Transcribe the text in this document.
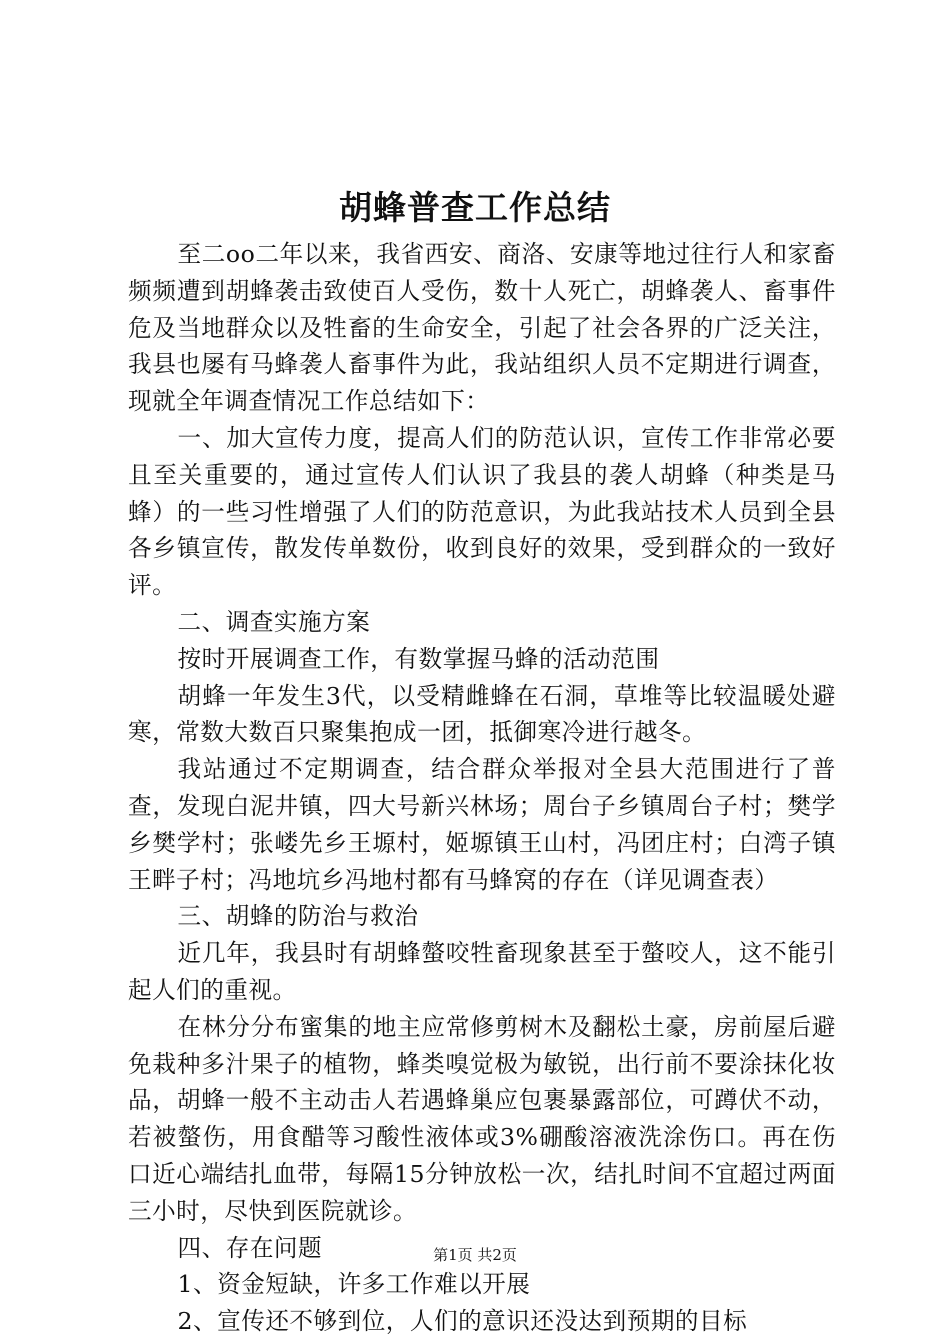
胡蜂普查工作总结

至二oo二年以来，我省西安、商洛、安康等地过往行人和家畜频频遭到胡蜂袭击致使百人受伤，数十人死亡，胡蜂袭人、畜事件危及当地群众以及牲畜的生命安全，引起了社会各界的广泛关注，我县也屡有马蜂袭人畜事件为此，我站组织人员不定期进行调查，现就全年调查情况工作总结如下：

一、加大宣传力度，提高人们的防范认识，宣传工作非常必要且至关重要的，通过宣传人们认识了我县的袭人胡蜂（种类是马蜂）的一些习性增强了人们的防范意识，为此我站技术人员到全县各乡镇宣传，散发传单数份，收到良好的效果，受到群众的一致好评。

二、调查实施方案

按时开展调查工作，有数掌握马蜂的活动范围

胡蜂一年发生3代，以受精雌蜂在石洞，草堆等比较温暖处避寒，常数大数百只聚集抱成一团，抵御寒冷进行越冬。

我站通过不定期调查，结合群众举报对全县大范围进行了普查，发现白泥井镇，四大号新兴林场；周台子乡镇周台子村；樊学乡樊学村；张嵝先乡王塬村，姬塬镇王山村，冯团庄村；白湾子镇王畔子村；冯地坑乡冯地村都有马蜂窝的存在（详见调查表）

三、胡蜂的防治与救治

近几年，我县时有胡蜂螫咬牲畜现象甚至于螫咬人，这不能引起人们的重视。

在林分分布蜜集的地主应常修剪树木及翻松土豪，房前屋后避免栽种多汁果子的植物，蜂类嗅觉极为敏锐，出行前不要涂抹化妆品，胡蜂一般不主动击人若遇蜂巢应包裹暴露部位，可蹲伏不动，若被螫伤，用食醋等习酸性液体或3%硼酸溶液洗涂伤口。再在伤口近心端结扎血带，每隔15分钟放松一次，结扎时间不宜超过两面三小时，尽快到医院就诊。

四、存在问题

1、资金短缺，许多工作难以开展

2、宣传还不够到位，人们的意识还没达到预期的目标

第1页 共2页
